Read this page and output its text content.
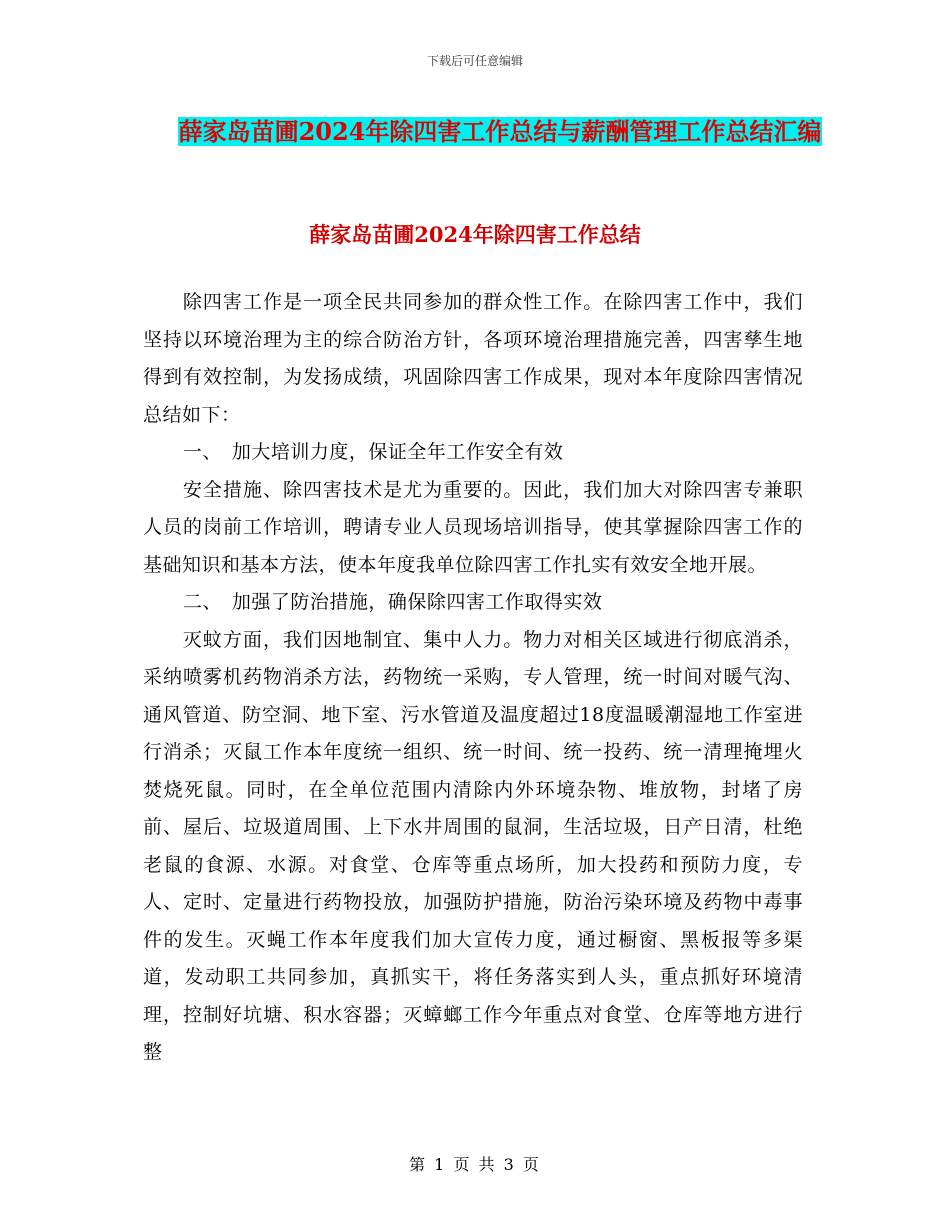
下载后可任意编辑
薛家岛苗圃2024年除四害工作总结与薪酬管理工作总结汇编
薛家岛苗圃2024年除四害工作总结

除四害工作是一项全民共同参加的群众性工作。在除四害工作中，我们坚持以环境治理为主的综合防治方针，各项环境治理措施完善，四害孳生地得到有效控制，为发扬成绩，巩固除四害工作成果，现对本年度除四害情况总结如下：

一、　加大培训力度，保证全年工作安全有效

安全措施、除四害技术是尤为重要的。因此，我们加大对除四害专兼职人员的岗前工作培训，聘请专业人员现场培训指导，使其掌握除四害工作的基础知识和基本方法，使本年度我单位除四害工作扎实有效安全地开展。

二、　加强了防治措施，确保除四害工作取得实效

灭蚊方面，我们因地制宜、集中人力。物力对相关区域进行彻底消杀，采纳喷雾机药物消杀方法，药物统一采购，专人管理，统一时间对暖气沟、通风管道、防空洞、地下室、污水管道及温度超过18度温暖潮湿地工作室进行消杀；灭鼠工作本年度统一组织、统一时间、统一投药、统一清理掩埋火焚烧死鼠。同时，在全单位范围内清除内外环境杂物、堆放物，封堵了房前、屋后、垃圾道周围、上下水井周围的鼠洞，生活垃圾，日产日清，杜绝老鼠的食源、水源。对食堂、仓库等重点场所，加大投药和预防力度，专人、定时、定量进行药物投放，加强防护措施，防治污染环境及药物中毒事件的发生。灭蝇工作本年度我们加大宣传力度，通过橱窗、黑板报等多渠道，发动职工共同参加，真抓实干，将任务落实到人头，重点抓好环境清理，控制好坑塘、积水容器；灭蟑螂工作今年重点对食堂、仓库等地方进行整

第 1 页 共 3 页
